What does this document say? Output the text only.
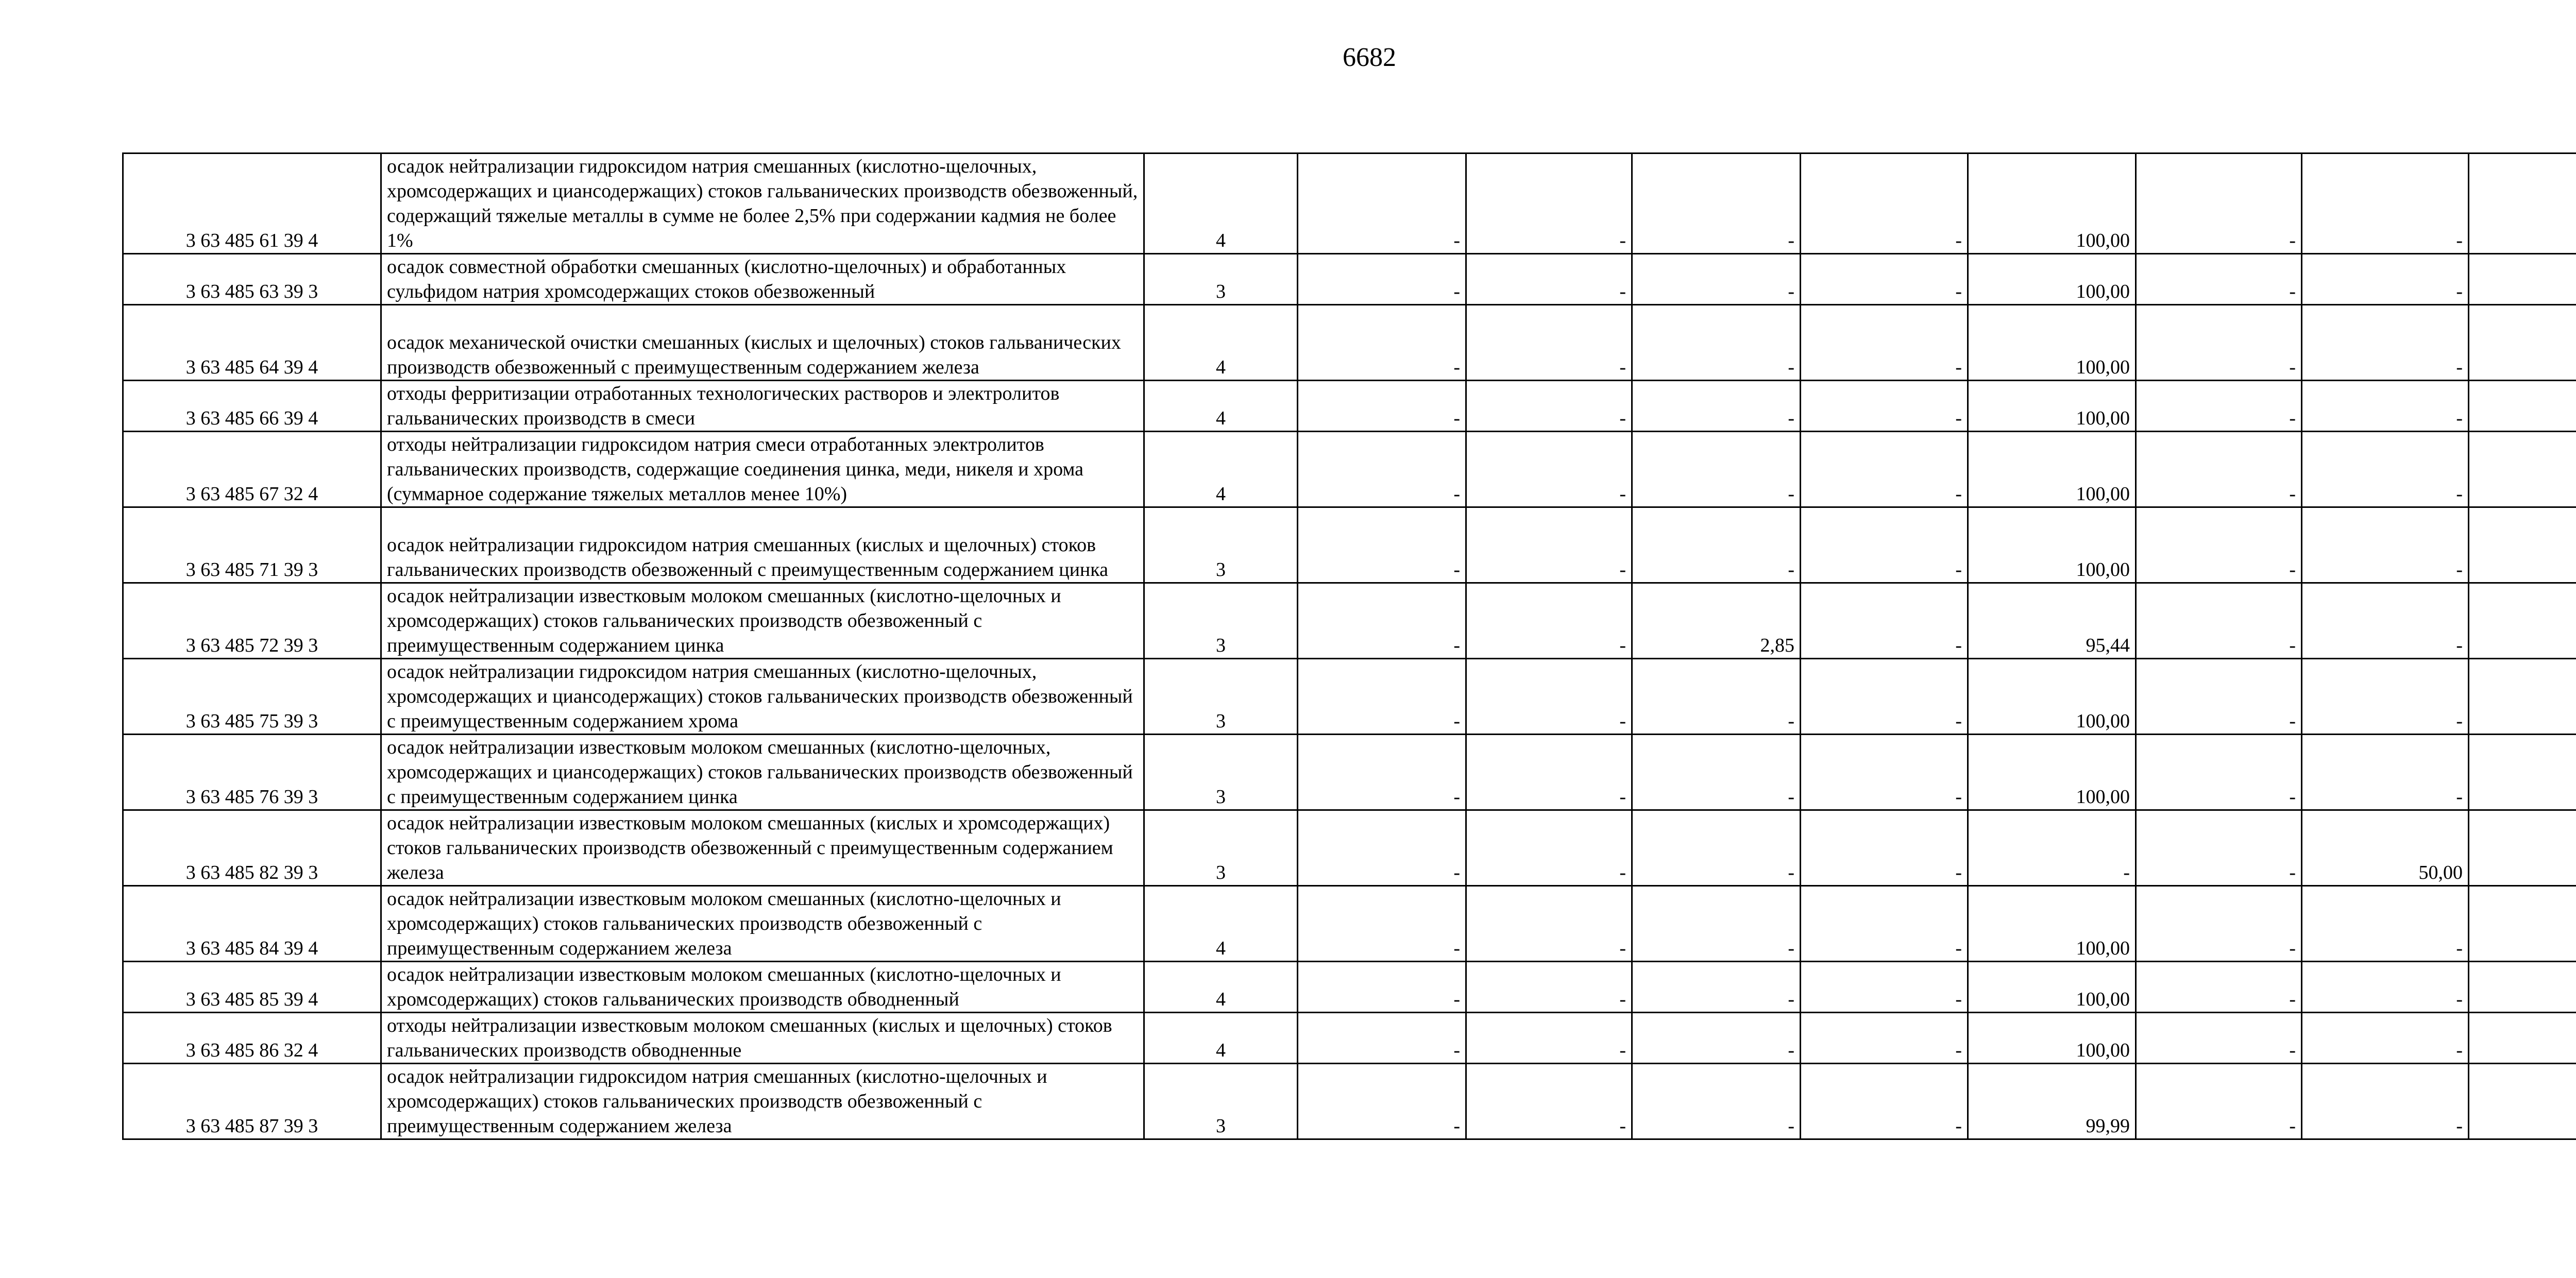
6682
3 63 485 61 39 4	осадок нейтрализации гидроксидом натрия смешанных (кислотно-щелочных, хромсодержащих и циансодержащих) стоков гальванических производств обезвоженный, содержащий тяжелые металлы в сумме не более 2,5% при содержании кадмия не более 1%	4	-	-	-	-	100,00	-	-	
3 63 485 63 39 3	осадок совместной обработки смешанных (кислотно-щелочных) и обработанных сульфидом натрия хромсодержащих стоков обезвоженный	3	-	-	-	-	100,00	-	-	
3 63 485 64 39 4	осадок механической очистки смешанных (кислых и щелочных) стоков гальванических производств обезвоженный с преимущественным содержанием железа	4	-	-	-	-	100,00	-	-	
3 63 485 66 39 4	отходы ферритизации отработанных технологических растворов и электролитов гальванических производств в смеси	4	-	-	-	-	100,00	-	-	
3 63 485 67 32 4	отходы нейтрализации гидроксидом натрия смеси отработанных электролитов гальванических производств, содержащие соединения цинка, меди, никеля и хрома (суммарное содержание тяжелых металлов менее 10%)	4	-	-	-	-	100,00	-	-	
3 63 485 71 39 3	осадок нейтрализации гидроксидом натрия смешанных (кислых и щелочных) стоков гальванических производств обезвоженный с преимущественным содержанием цинка	3	-	-	-	-	100,00	-	-	
3 63 485 72 39 3	осадок нейтрализации известковым молоком смешанных (кислотно-щелочных и хромсодержащих) стоков гальванических производств обезвоженный с преимущественным содержанием цинка	3	-	-	2,85	-	95,44	-	-	
3 63 485 75 39 3	осадок нейтрализации гидроксидом натрия смешанных (кислотно-щелочных, хромсодержащих и циансодержащих) стоков гальванических производств обезвоженный с преимущественным содержанием хрома	3	-	-	-	-	100,00	-	-	
3 63 485 76 39 3	осадок нейтрализации известковым молоком смешанных (кислотно-щелочных, хромсодержащих и циансодержащих) стоков гальванических производств обезвоженный с преимущественным содержанием цинка	3	-	-	-	-	100,00	-	-	
3 63 485 82 39 3	осадок нейтрализации известковым молоком смешанных (кислых и хромсодержащих) стоков гальванических производств обезвоженный с преимущественным содержанием железа	3	-	-	-	-	-	-	50,00	
3 63 485 84 39 4	осадок нейтрализации известковым молоком смешанных (кислотно-щелочных и хромсодержащих) стоков гальванических производств обезвоженный с преимущественным содержанием железа	4	-	-	-	-	100,00	-	-	
3 63 485 85 39 4	осадок нейтрализации известковым молоком смешанных (кислотно-щелочных и хромсодержащих) стоков гальванических производств обводненный	4	-	-	-	-	100,00	-	-	
3 63 485 86 32 4	отходы нейтрализации известковым молоком смешанных (кислых и щелочных) стоков гальванических производств обводненные	4	-	-	-	-	100,00	-	-	
3 63 485 87 39 3	осадок нейтрализации гидроксидом натрия смешанных (кислотно-щелочных и хромсодержащих) стоков гальванических производств обезвоженный с преимущественным содержанием железа	3	-	-	-	-	99,99	-	-	
